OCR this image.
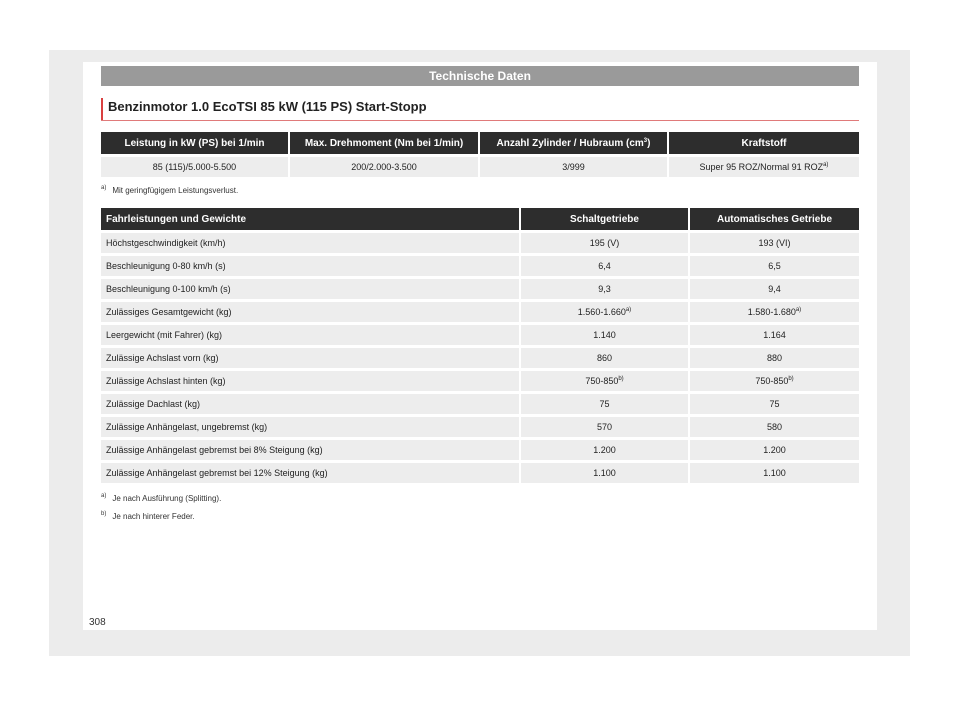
Technische Daten
Benzinmotor 1.0 EcoTSI 85 kW (115 PS) Start-Stopp
Leistung in kW (PS) bei 1/min	Max. Drehmoment (Nm bei 1/min)	Anzahl Zylinder / Hubraum $(cm^3)$	Kraftstoff
85 (115)/5.000-5.500	200/2.000-3.500	3/999	Super 95 ROZ/Normal 91 ROZ$^{a)}$
$^{a)}$ Mit geringfügigem Leistungsverlust.
Fahrleistungen und Gewichte	Schaltgetriebe	Automatisches Getriebe
Höchstgeschwindigkeit (km/h)	195 (V)	193 (VI)
Beschleunigung 0-80 km/h (s)	6,4	6,5
Beschleunigung 0-100 km/h (s)	9,3	9,4
Zulässiges Gesamtgewicht (kg)	1.560-1.660$^{a)}$	1.580-1.680$^{a)}$
Leergewicht (mit Fahrer) (kg)	1.140	1.164
Zulässige Achslast vorn (kg)	860	880
Zulässige Achslast hinten (kg)	750-850$^{b)}$	750-850$^{b)}$
Zulässige Dachlast (kg)	75	75
Zulässige Anhängelast, ungebremst (kg)	570	580
Zulässige Anhängelast gebremst bei 8% Steigung (kg)	1.200	1.200
Zulässige Anhängelast gebremst bei 12% Steigung (kg)	1.100	1.100
$^{a)}$ Je nach Ausführung (Splitting).
$^{b)}$ Je nach hinterer Feder.
308
